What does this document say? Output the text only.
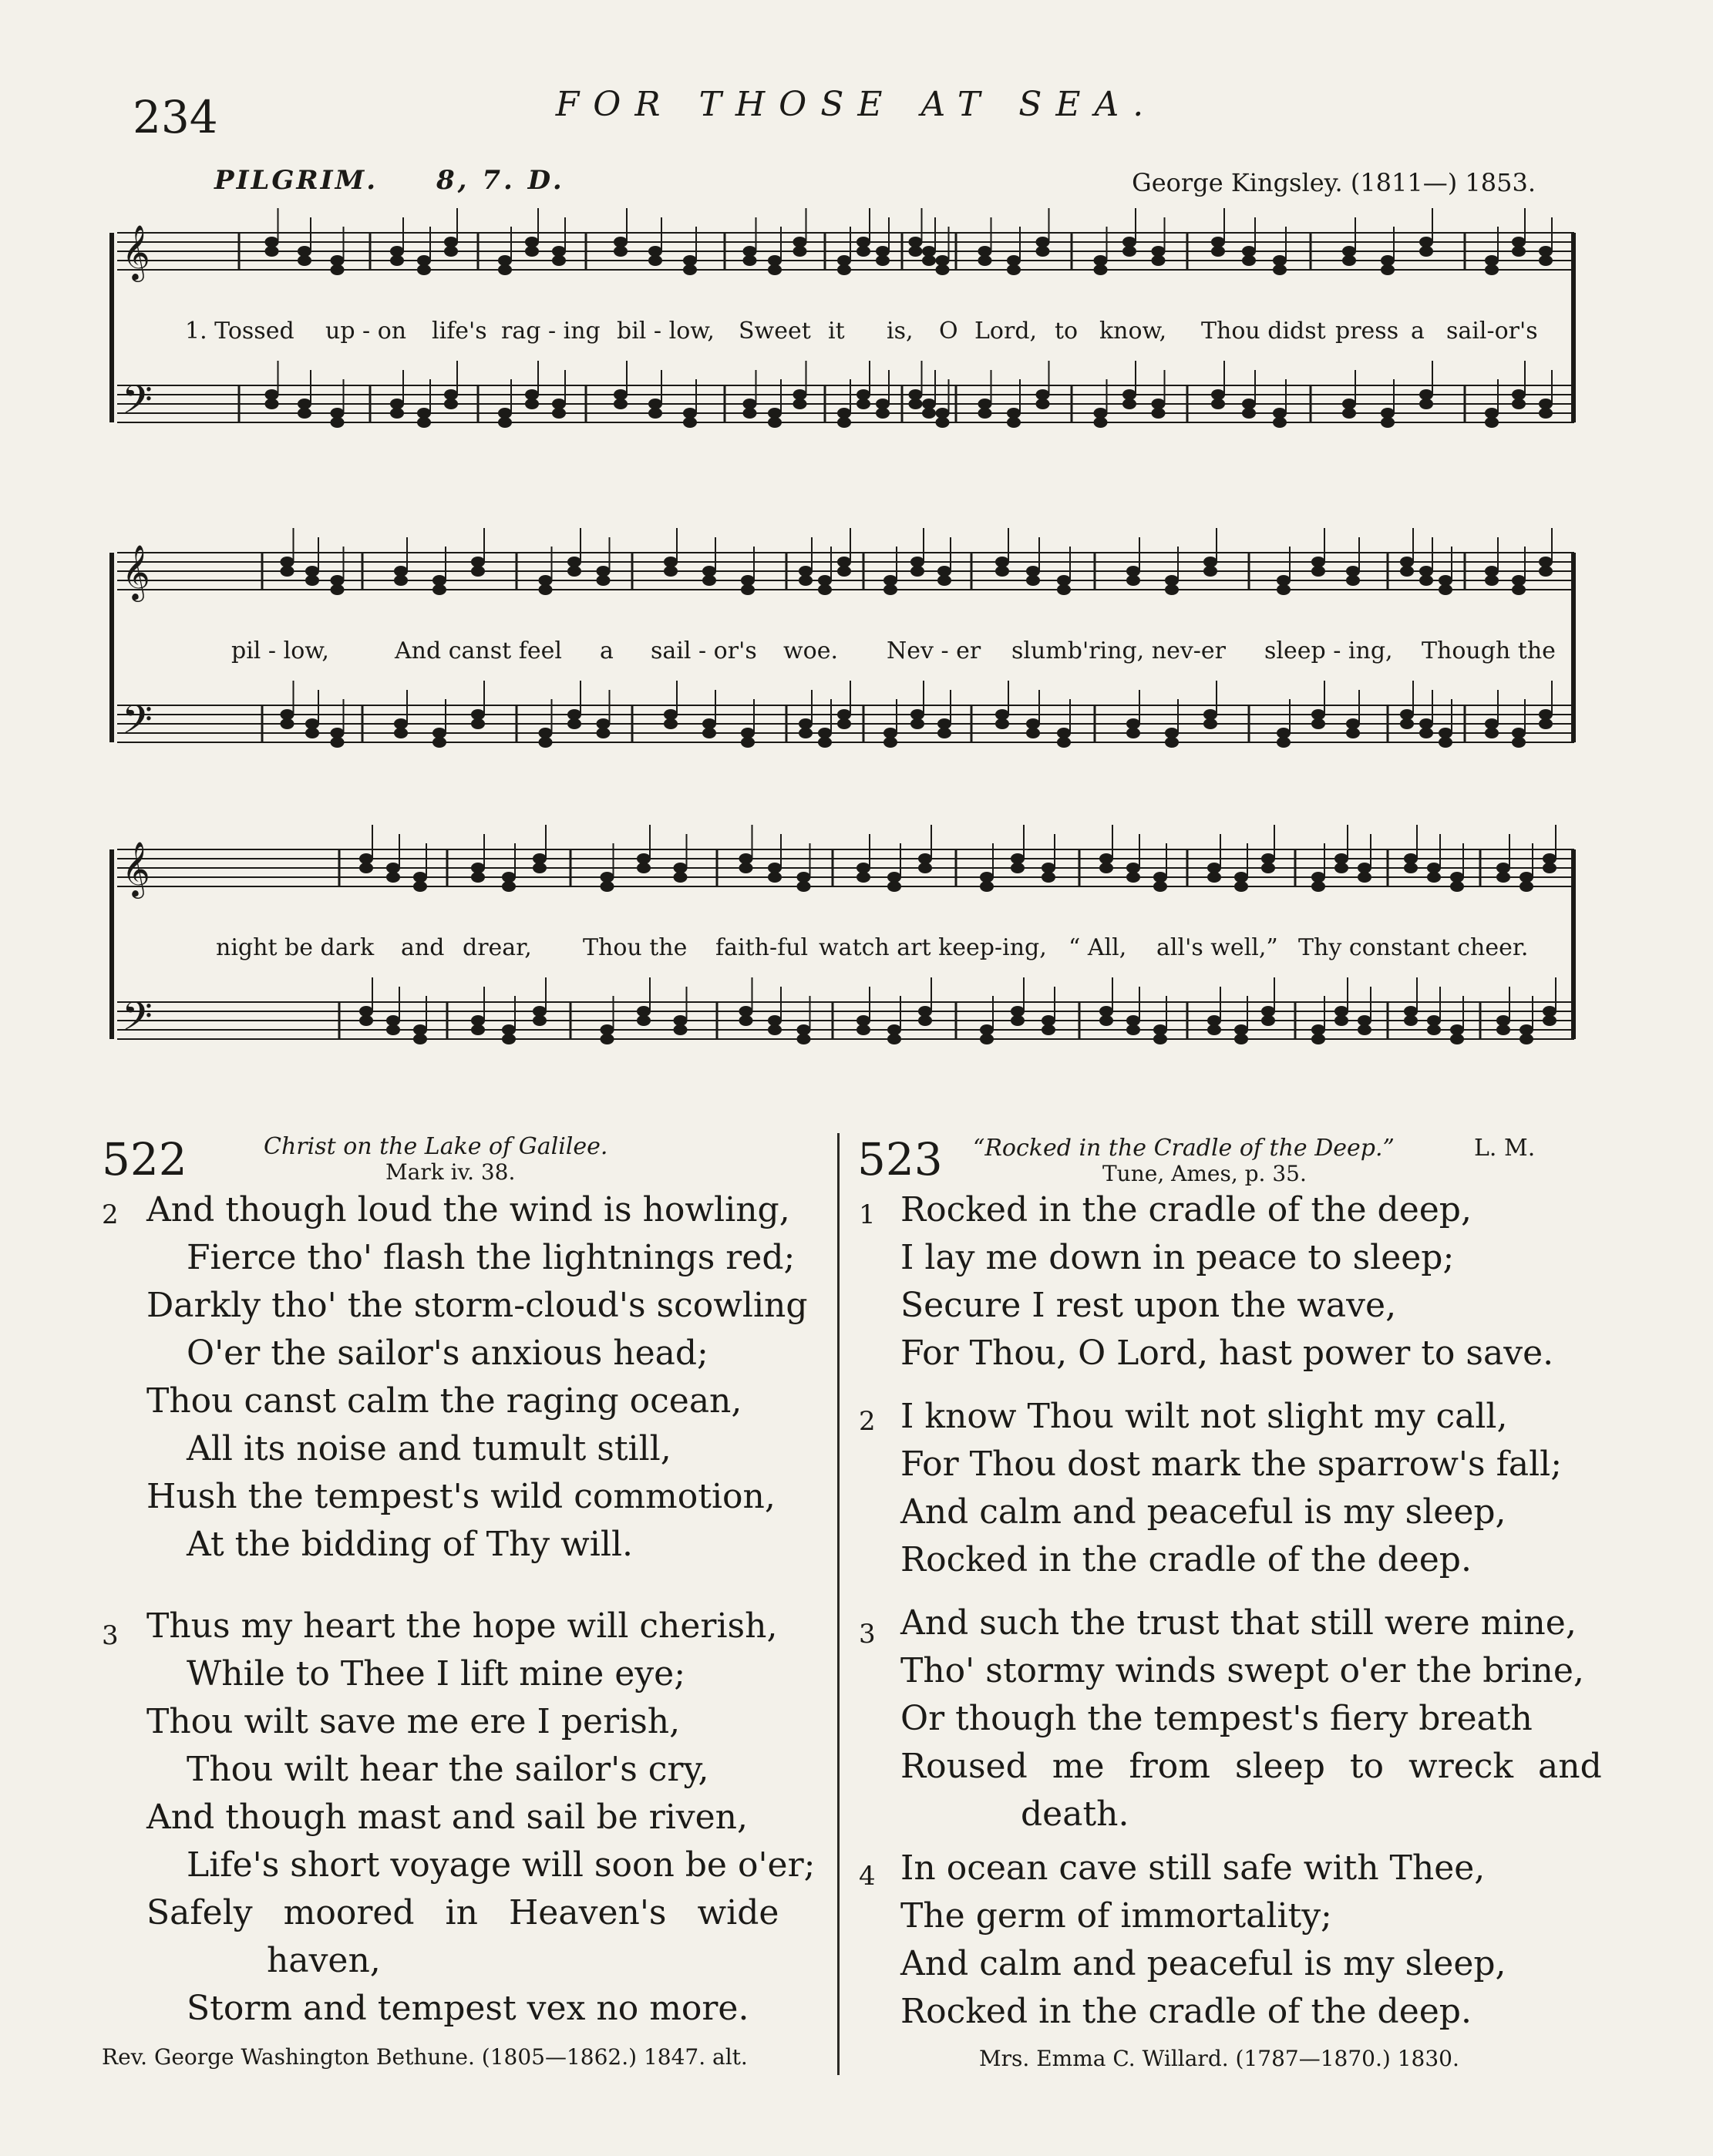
234	FOR THOSE AT SEA.
PILGRIM. 8, 7. D.	George Kingsley. (1811—) 1853.
𝄞
𝄢
1. Tossed up - on life's rag - ing bil - low, Sweet it is, O Lord, to know, Thou didst press a sail-or's
𝄞
𝄢
pil - low,	And canst feel a sail - or's woe. Nev - er slumb'ring, nev-er sleep - ing, Though the
𝄞
𝄢
night be dark and drear, Thou the faith-ful watch art keep-ing, “ All, all's well,” Thy constant cheer.
522	Christ on the Lake of Galilee.
Mark iv. 38.
2 And though loud the wind is howling,
Fierce tho' flash the lightnings red;
Darkly tho' the storm-cloud's scowling
O'er the sailor's anxious head;
Thou canst calm the raging ocean,
All its noise and tumult still,
Hush the tempest's wild commotion,
At the bidding of Thy will.
3 Thus my heart the hope will cherish,
While to Thee I lift mine eye;
Thou wilt save me ere I perish,
Thou wilt hear the sailor's cry,
And though mast and sail be riven,
Life's short voyage will soon be o'er;
Safely moored in Heaven's wide
haven,
Storm and tempest vex no more.
Rev. George Washington Bethune. (1805—1862.) 1847. alt.
523 “Rocked in the Cradle of the Deep.”	L. M.
Tune, Ames, p. 35.
1 Rocked in the cradle of the deep,
I lay me down in peace to sleep;
Secure I rest upon the wave,
For Thou, O Lord, hast power to save.
2 I know Thou wilt not slight my call,
For Thou dost mark the sparrow's fall;
And calm and peaceful is my sleep,
Rocked in the cradle of the deep.
3 And such the trust that still were mine,
Tho' stormy winds swept o'er the brine,
Or though the tempest's fiery breath
Roused me from sleep to wreck and
death.
4 In ocean cave still safe with Thee,
The germ of immortality;
And calm and peaceful is my sleep,
Rocked in the cradle of the deep.
Mrs. Emma C. Willard. (1787—1870.) 1830.
